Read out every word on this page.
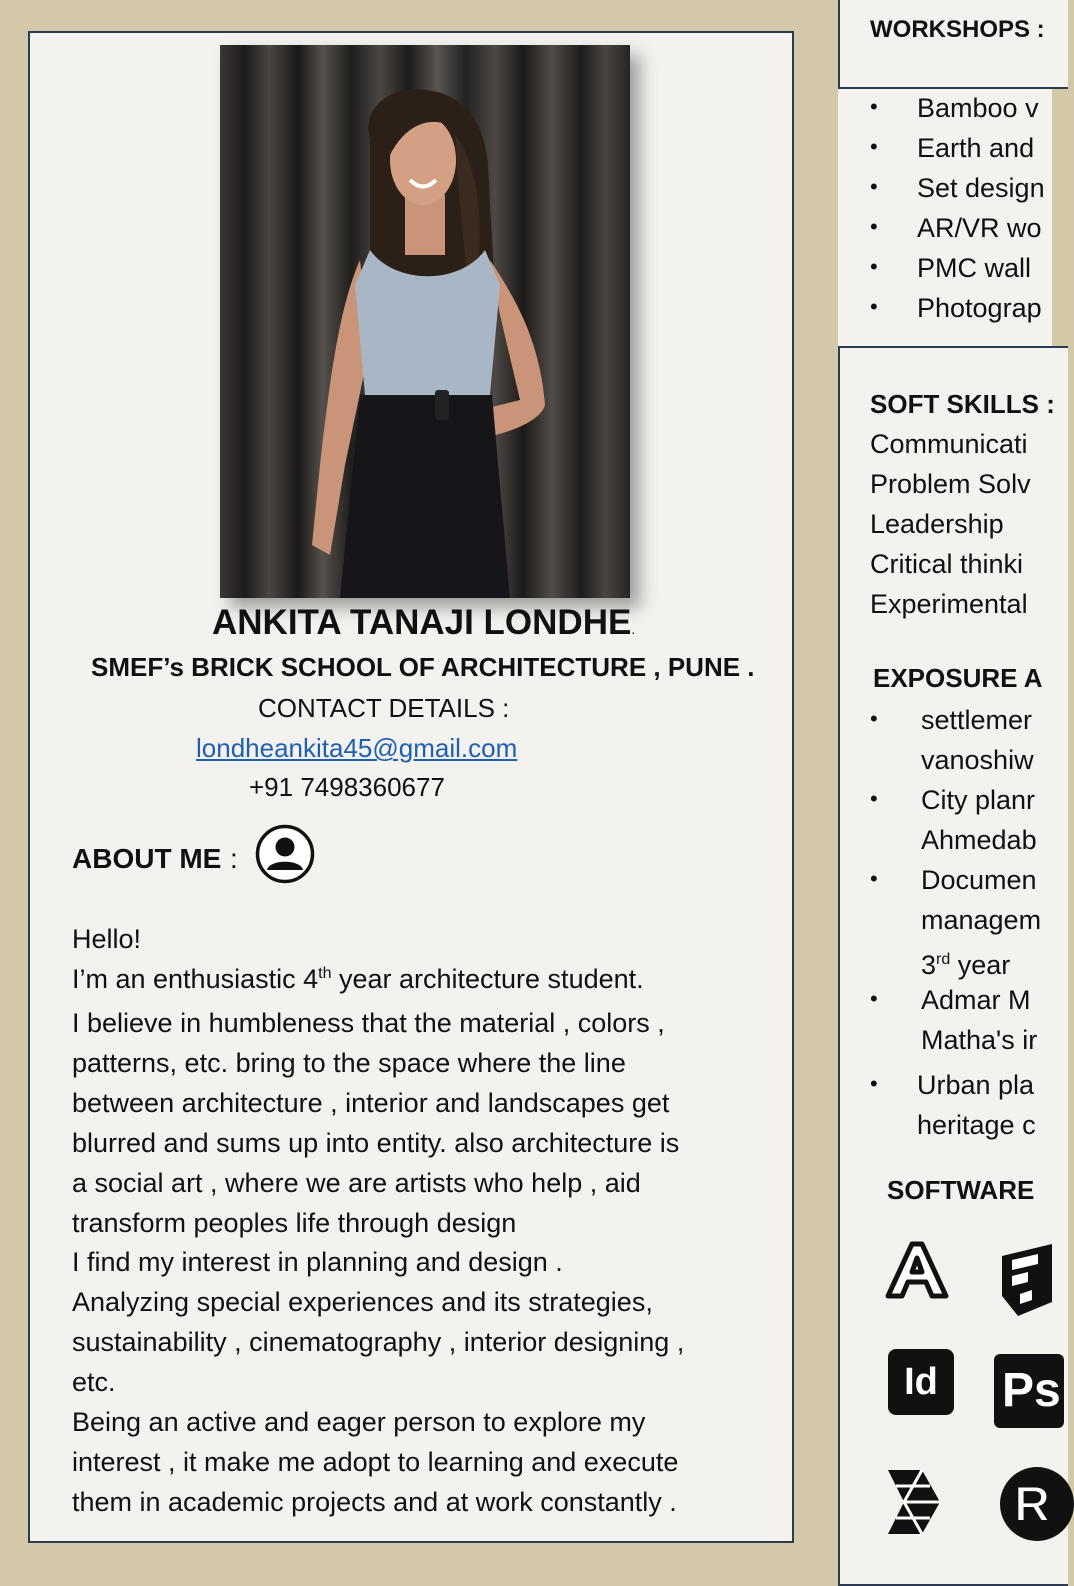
ANKITA TANAJI LONDHE.
SMEF’s BRICK SCHOOL OF ARCHITECTURE , PUNE .
CONTACT DETAILS :
londheankita45@gmail.com
+91 7498360677
ABOUT ME :
Hello!
I’m an enthusiastic 4th year architecture student.
I believe in humbleness that the material , colors ,
patterns, etc. bring to the space where the line
between architecture , interior and landscapes get
blurred and sums up into entity. also architecture is
a social art , where we are artists who help , aid
transform peoples life through design
I find my interest in planning and design .
Analyzing special experiences and its strategies,
sustainability , cinematography , interior designing ,
etc.
Being an active and eager person to explore my
interest , it make me adopt to learning and execute
them in academic projects and at work constantly .
WORKSHOPS :
• Bamboo v
• Earth and
• Set design
• AR/VR wo
• PMC wall
• Photograp
SOFT SKILLS :
Communicati
Problem Solv
Leadership
Critical thinki
Experimental
EXPOSURE A
• settlemer
vanoshiw
• City planr
Ahmedab
• Documen
managem
3rd year
• Admar M
Matha's ir
• Urban pla
heritage c
SOFTWARE
Id	Ps
R
